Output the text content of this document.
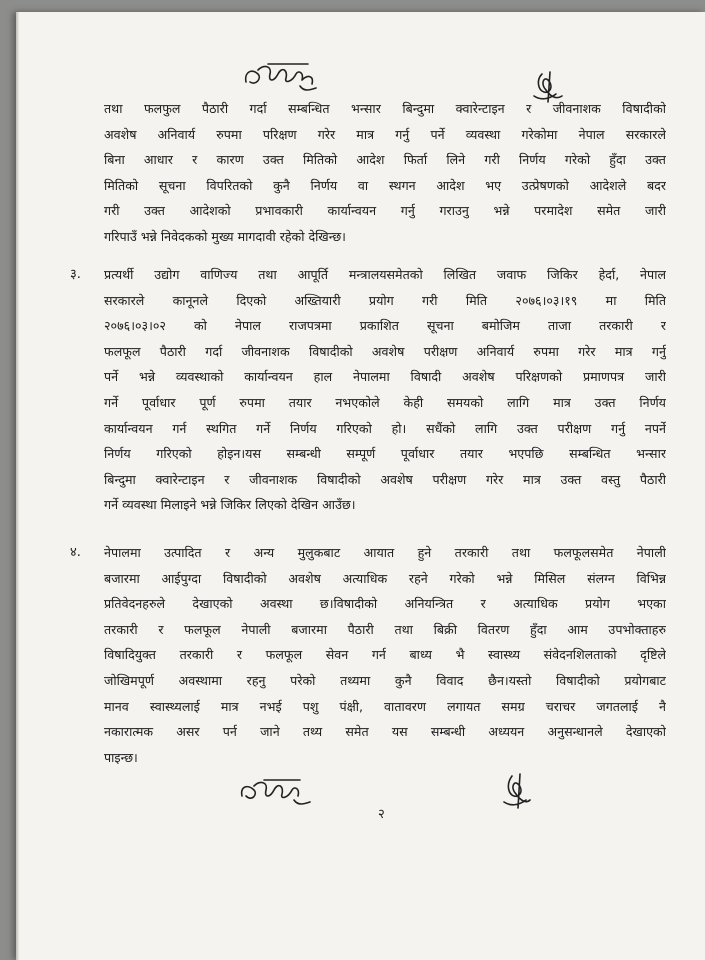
तथा फलफुल पैठारी गर्दा सम्बन्धित भन्सार बिन्दुमा क्वारेन्टाइन र जीवनाशक विषादीको
अवशेष अनिवार्य रुपमा परिक्षण गरेर मात्र गर्नु पर्ने व्यवस्था गरेकोमा नेपाल सरकारले
बिना आधार र कारण उक्त मितिको आदेश फिर्ता लिने गरी निर्णय गरेको हुँदा उक्त
मितिको सूचना विपरितको कुनै निर्णय वा स्थगन आदेश भए उत्प्रेषणको आदेशले बदर
गरी उक्त आदेशको प्रभावकारी कार्यान्वयन गर्नु गराउनु भन्ने परमादेश समेत जारी
गरिपाउँ भन्ने निवेदकको मुख्य मागदावी रहेको देखिन्छ।
३. प्रत्यर्थी उद्योग वाणिज्य तथा आपूर्ति मन्त्रालयसमेतको लिखित जवाफ जिकिर हेर्दा, नेपाल
सरकारले कानूनले दिएको अख्तियारी प्रयोग गरी मिति २०७६।०३।१९ मा मिति
२०७६।०३।०२ को नेपाल राजपत्रमा प्रकाशित सूचना बमोजिम ताजा तरकारी र
फलफूल पैठारी गर्दा जीवनाशक विषादीको अवशेष परीक्षण अनिवार्य रुपमा गरेर मात्र गर्नु
पर्ने भन्ने व्यवस्थाको कार्यान्वयन हाल नेपालमा विषादी अवशेष परिक्षणको प्रमाणपत्र जारी
गर्ने पूर्वाधार पूर्ण रुपमा तयार नभएकोले केही समयको लागि मात्र उक्त निर्णय
कार्यान्वयन गर्न स्थगित गर्ने निर्णय गरिएको हो। सधैंको लागि उक्त परीक्षण गर्नु नपर्ने
निर्णय गरिएको होइन।यस सम्बन्धी सम्पूर्ण पूर्वाधार तयार भएपछि सम्बन्धित भन्सार
बिन्दुमा क्वारेन्टाइन र जीवनाशक विषादीको अवशेष परीक्षण गरेर मात्र उक्त वस्तु पैठारी
गर्ने व्यवस्था मिलाइने भन्ने जिकिर लिएको देखिन आउँछ।
४. नेपालमा उत्पादित र अन्य मुलुकबाट आयात हुने तरकारी तथा फलफूलसमेत नेपाली
बजारमा आईपुग्दा विषादीको अवशेष अत्याधिक रहने गरेको भन्ने मिसिल संलग्न विभिन्न
प्रतिवेदनहरुले देखाएको अवस्था छ।विषादीको अनियन्त्रित र अत्याधिक प्रयोग भएका
तरकारी र फलफूल नेपाली बजारमा पैठारी तथा बिक्री वितरण हुँदा आम उपभोक्ताहरु
विषादियुक्त तरकारी र फलफूल सेवन गर्न बाध्य भै स्वास्थ्य संवेदनशिलताको दृष्टिले
जोखिमपूर्ण अवस्थामा रहनु परेको तथ्यमा कुनै विवाद छैन।यस्तो विषादीको प्रयोगबाट
मानव स्वास्थ्यलाई मात्र नभई पशु पंक्षी, वातावरण लगायत समग्र चराचर जगतलाई नै
नकारात्मक असर पर्न जाने तथ्य समेत यस सम्बन्धी अध्ययन अनुसन्धानले देखाएको
पाइन्छ।
२
